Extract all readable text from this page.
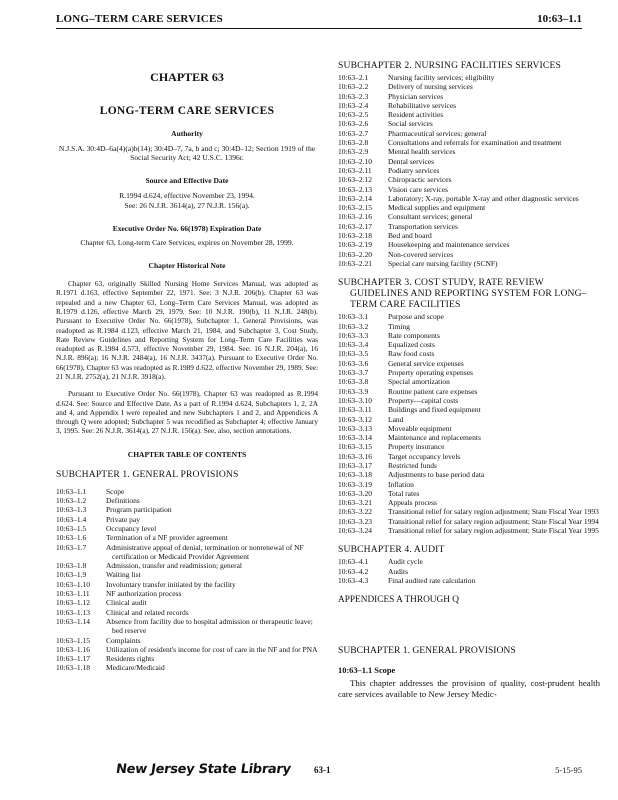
LONG–TERM CARE SERVICES	10:63–1.1
CHAPTER 63
LONG-TERM CARE SERVICES
Authority
N.J.S.A. 30:4D–6a(4)(a)b(14); 30:4D–7, 7a, b and c; 30:4D–12; Section 1919 of the Social Security Act; 42 U.S.C. 1396r.
Source and Effective Date
R.1994 d.624, effective November 23, 1994.
See: 26 N.J.R. 3614(a), 27 N.J.R. 156(a).
Executive Order No. 66(1978) Expiration Date
Chapter 63, Long-term Care Services, expires on November 28, 1999.
Chapter Historical Note
Chapter 63, originally Skilled Nursing Home Services Manual, was adopted as R.1971 d.163, effective September 22, 1971. See: 3 N.J.R. 206(b). Chapter 63 was repealed and a new Chapter 63, Long–Term Care Services Manual, was adopted as R.1979 d.126, effective March 29, 1979. See: 10 N.J.R. 190(b), 11 N.J.R. 248(b). Pursuant to Executive Order No. 66(1978), Subchapter 1, General Provisions, was readopted as R.1984 d.123, effective March 21, 1984, and Subchapter 3, Cost Study, Rate Review Guidelines and Reporting System for Long–Term Care Facilities was readopted as R.1984 d.573, effective November 29, 1984. See: 16 N.J.R. 204(a), 16 N.J.R. 896(a); 16 N.J.R. 2484(a), 16 N.J.R. 3437(a). Pursuant to Executive Order No. 66(1978), Chapter 63 was readopted as R.1989 d.622, effective November 29, 1989. See: 21 N.J.R. 2752(a), 21 N.J.R. 3918(a).
Pursuant to Executive Order No. 66(1978), Chapter 63 was readopted as R.1994 d.624. See: Source and Effective Date. As a part of R.1994 d.624, Subchapters 1, 2, 2A and 4, and Appendix I were repealed and new Subchapters 1 and 2, and Appendices A through Q were adopted; Subchapter 5 was recodified as Subchapter 4; effective January 3, 1995. See: 26 N.J.R. 3614(a), 27 N.J.R. 156(a). See, also, section annotations.
CHAPTER TABLE OF CONTENTS
SUBCHAPTER 1. GENERAL PROVISIONS
10:63–1.1	Scope
10:63–1.2	Definitions
10:63–1.3	Program participation
10:63–1.4	Private pay
10:63–1.5	Occupancy level
10:63–1.6	Termination of a NF provider agreement
10:63–1.7	Administrative appeal of denial, termination or nonrenewal of NF certification or Medicaid Provider Agreement
10:63–1.8	Admission, transfer and readmission; general
10:63–1.9	Waiting list
10:63–1.10	Involuntary transfer initiated by the facility
10:63–1.11	NF authorization process
10:63–1.12	Clinical audit
10:63–1.13	Clinical and related records
10:63–1.14	Absence from facility due to hospital admission or therapeutic leave; bed reserve
10:63–1.15	Complaints
10:63–1.16	Utilization of resident's income for cost of care in the NF and for PNA
10:63–1.17	Residents rights
10:63–1.18	Medicare/Medicaid
SUBCHAPTER 2. NURSING FACILITIES SERVICES
10:63–2.1	Nursing facility services; eligibility
10:63–2.2	Delivery of nursing services
10:63–2.3	Physician services
10:63–2.4	Rehabilitative services
10:63–2.5	Resident activities
10:63–2.6	Social services
10:63–2.7	Pharmaceutical services; general
10:63–2.8	Consultations and referrals for examination and treatment
10:63–2.9	Mental health services
10:63–2.10	Dental services
10:63–2.11	Podiatry services
10:63–2.12	Chiropractic services
10:63–2.13	Vision care services
10:63–2.14	Laboratory; X-ray, portable X-ray and other diagnostic services
10:63–2.15	Medical supplies and equipment
10:63–2.16	Consultant services; general
10:63–2.17	Transportation services
10:63–2.18	Bed and board
10:63–2.19	Housekeeping and maintenance services
10:63–2.20	Non-covered services
10:63–2.21	Special care nursing facility (SCNF)
SUBCHAPTER 3. COST STUDY, RATE REVIEW GUIDELINES AND REPORTING SYSTEM FOR LONG–TERM CARE FACILITIES
10:63–3.1	Purpose and scope
10:63–3.2	Timing
10:63–3.3	Rate components
10:63–3.4	Equalized costs
10:63–3.5	Raw food costs
10:63–3.6	General service expenses
10:63–3.7	Property operating expenses
10:63–3.8	Special amortization
10:63–3.9	Routine patient care expenses
10:63–3.10	Property—capital costs
10:63–3.11	Buildings and fixed equipment
10:63–3.12	Land
10:63–3.13	Moveable equipment
10:63–3.14	Maintenance and replacements
10:63–3.15	Property insurance
10:63–3.16	Target occupancy levels
10:63–3.17	Restricted funds
10:63–3.18	Adjustments to base period data
10:63–3.19	Inflation
10:63–3.20	Total rates
10:63–3.21	Appeals process
10:63–3.22	Transitional relief for salary region adjustment; State Fiscal Year 1993
10:63–3.23	Transitional relief for salary region adjustment; State Fiscal Year 1994
10:63–3.24	Transitional relief for salary region adjustment; State Fiscal Year 1995
SUBCHAPTER 4. AUDIT
10:63–4.1	Audit cycle
10:63–4.2	Audits
10:63–4.3	Final audited rate calculation
APPENDICES A THROUGH Q
SUBCHAPTER 1. GENERAL PROVISIONS
10:63–1.1 Scope
This chapter addresses the provision of quality, cost-prudent health care services available to New Jersey Medic-
New Jersey State Library 63-1	5-15-95
